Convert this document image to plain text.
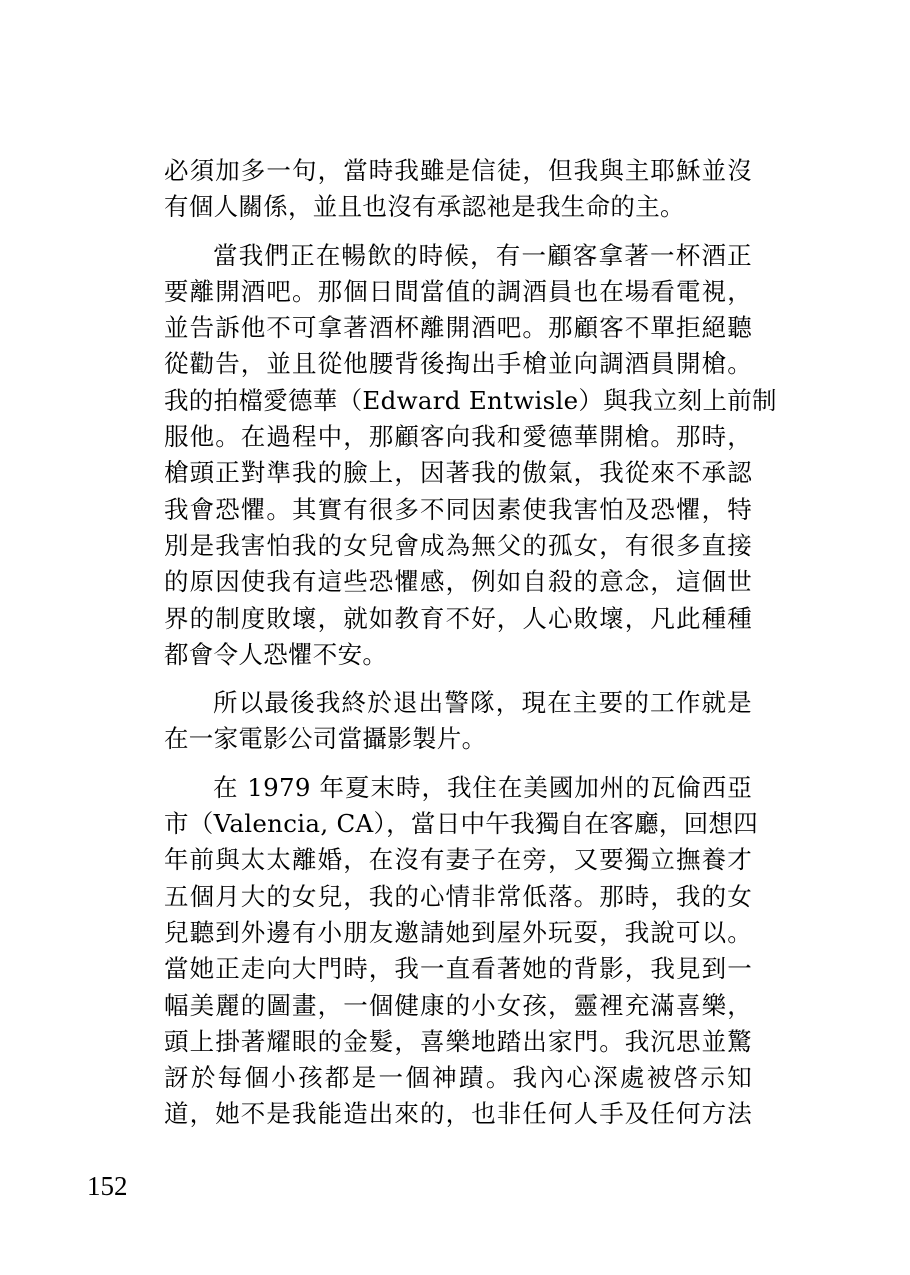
必須加多一句，當時我雖是信徒，但我與主耶穌並沒
有個人關係，並且也沒有承認祂是我生命的主。

當我們正在暢飲的時候，有一顧客拿著一杯酒正
要離開酒吧。那個日間當值的調酒員也在場看電視，
並告訴他不可拿著酒杯離開酒吧。那顧客不單拒絕聽
從勸告，並且從他腰背後掏出手槍並向調酒員開槍。
我的拍檔愛德華（Edward Entwisle）與我立刻上前制
服他。在過程中，那顧客向我和愛德華開槍。那時，
槍頭正對準我的臉上，因著我的傲氣，我從來不承認
我會恐懼。其實有很多不同因素使我害怕及恐懼，特
別是我害怕我的女兒會成為無父的孤女，有很多直接
的原因使我有這些恐懼感，例如自殺的意念，這個世
界的制度敗壞，就如教育不好，人心敗壞，凡此種種
都會令人恐懼不安。

所以最後我終於退出警隊，現在主要的工作就是
在一家電影公司當攝影製片。

在 1979 年夏末時，我住在美國加州的瓦倫西亞
市（Valencia, CA），當日中午我獨自在客廳，回想四
年前與太太離婚，在沒有妻子在旁，又要獨立撫養才
五個月大的女兒，我的心情非常低落。那時，我的女
兒聽到外邊有小朋友邀請她到屋外玩耍，我說可以。
當她正走向大門時，我一直看著她的背影，我見到一
幅美麗的圖畫，一個健康的小女孩，靈裡充滿喜樂，
頭上掛著耀眼的金髮，喜樂地踏出家門。我沉思並驚
訝於每個小孩都是一個神蹟。我內心深處被啓示知
道，她不是我能造出來的，也非任何人手及任何方法

152
